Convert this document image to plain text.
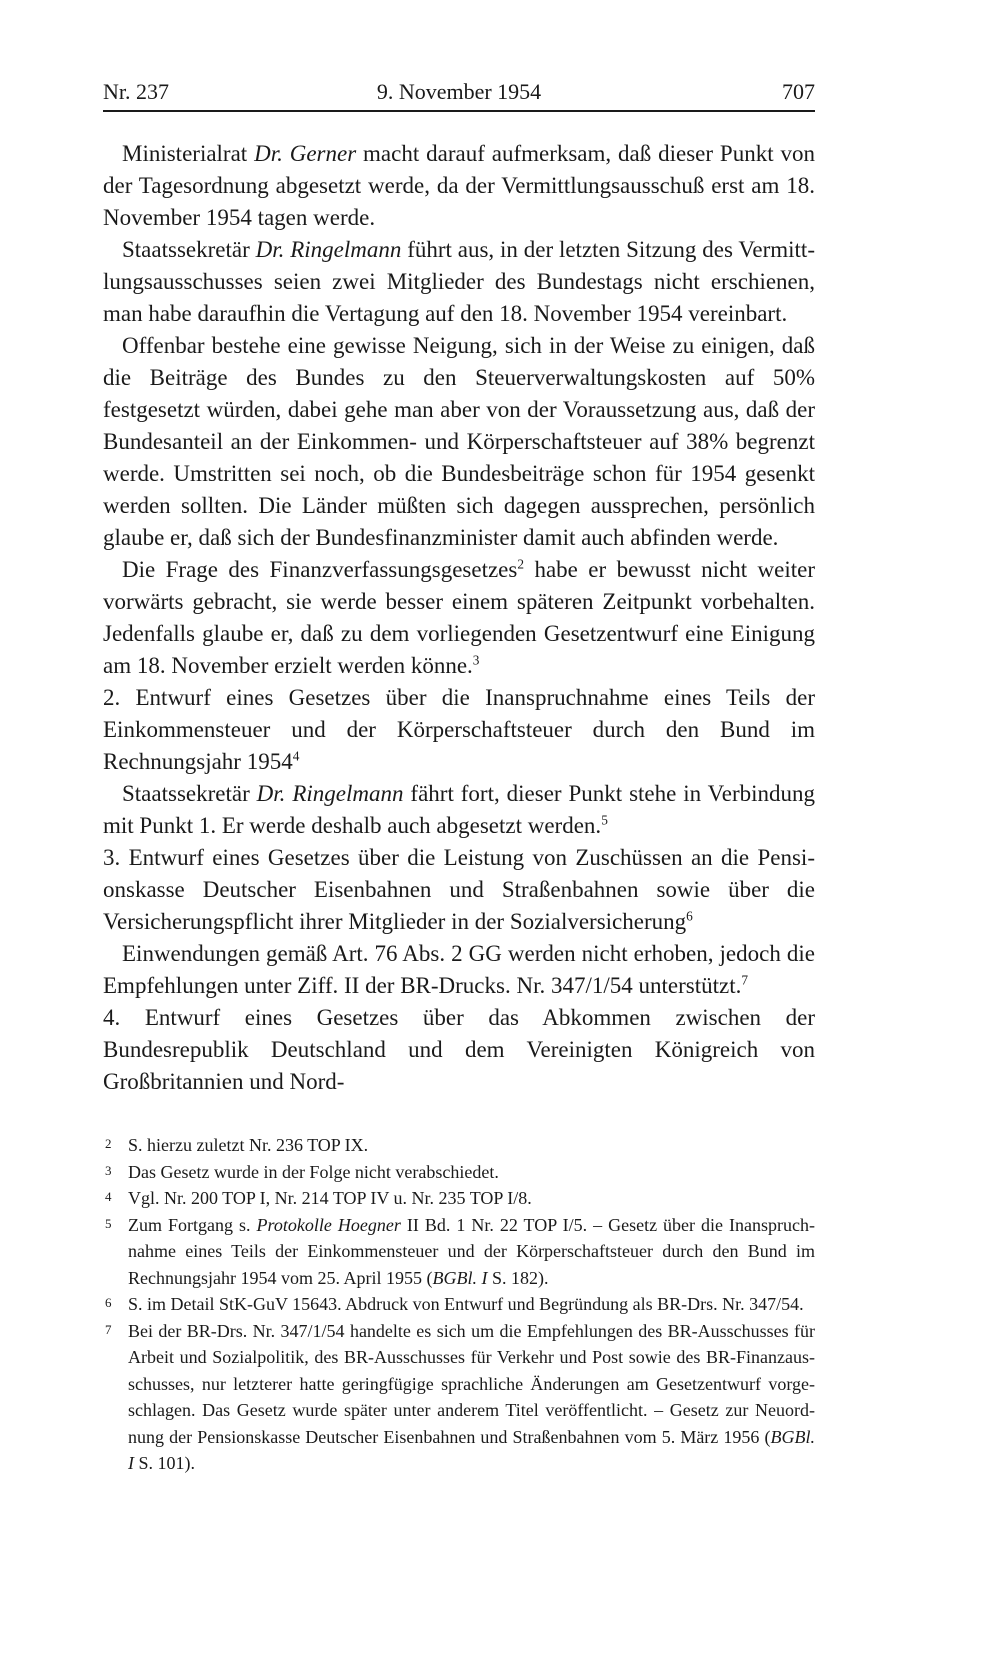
Nr. 237	9. November 1954	707

Ministerialrat Dr. Gerner macht darauf aufmerksam, daß dieser Punkt von der Tagesordnung abgesetzt werde, da der Vermittlungsausschuß erst am 18. November 1954 tagen werde.

Staatssekretär Dr. Ringelmann führt aus, in der letzten Sitzung des Vermittlungsausschusses seien zwei Mitglieder des Bundestags nicht erschienen, man habe daraufhin die Vertagung auf den 18. November 1954 vereinbart.

Offenbar bestehe eine gewisse Neigung, sich in der Weise zu einigen, daß die Beiträge des Bundes zu den Steuerverwaltungskosten auf 50% festgesetzt würden, dabei gehe man aber von der Voraussetzung aus, daß der Bundesanteil an der Einkommen- und Körperschaftsteuer auf 38% begrenzt werde. Umstritten sei noch, ob die Bundesbeiträge schon für 1954 gesenkt werden sollten. Die Länder müßten sich dagegen aussprechen, persönlich glaube er, daß sich der Bundesfinanzminister damit auch abfinden werde.

Die Frage des Finanzverfassungsgesetzes$^2$ habe er bewusst nicht weiter vorwärts gebracht, sie werde besser einem späteren Zeitpunkt vorbehalten. Jedenfalls glaube er, daß zu dem vorliegenden Gesetzentwurf eine Einigung am 18. November erzielt werden könne.$^3$

2. Entwurf eines Gesetzes über die Inanspruchnahme eines Teils der Einkommensteuer und der Körperschaftsteuer durch den Bund im Rechnungsjahr 1954$^4$

Staatssekretär Dr. Ringelmann fährt fort, dieser Punkt stehe in Verbindung mit Punkt 1. Er werde deshalb auch abgesetzt werden.$^5$

3. Entwurf eines Gesetzes über die Leistung von Zuschüssen an die Pensionskasse Deutscher Eisenbahnen und Straßenbahnen sowie über die Versicherungspflicht ihrer Mitglieder in der Sozialversicherung$^6$

Einwendungen gemäß Art. 76 Abs. 2 GG werden nicht erhoben, jedoch die Empfehlungen unter Ziff. II der BR-Drucks. Nr. 347/1/54 unterstützt.$^7$

4. Entwurf eines Gesetzes über das Abkommen zwischen der Bundesrepublik Deutschland und dem Vereinigten Königreich von Großbritannien und Nord-

2 S. hierzu zuletzt Nr. 236 TOP IX.
3 Das Gesetz wurde in der Folge nicht verabschiedet.
4 Vgl. Nr. 200 TOP I, Nr. 214 TOP IV u. Nr. 235 TOP I/8.
5 Zum Fortgang s. Protokolle Hoegner II Bd. 1 Nr. 22 TOP I/5. – Gesetz über die Inanspruchnahme eines Teils der Einkommensteuer und der Körperschaftsteuer durch den Bund im Rechnungsjahr 1954 vom 25. April 1955 (BGBl. I S. 182).
6 S. im Detail StK-GuV 15643. Abdruck von Entwurf und Begründung als BR-Drs. Nr. 347/54.
7 Bei der BR-Drs. Nr. 347/1/54 handelte es sich um die Empfehlungen des BR-Ausschusses für Arbeit und Sozialpolitik, des BR-Ausschusses für Verkehr und Post sowie des BR-Finanzausschusses, nur letzterer hatte geringfügige sprachliche Änderungen am Gesetzentwurf vorgeschlagen. Das Gesetz wurde später unter anderem Titel veröffentlicht. – Gesetz zur Neuordnung der Pensionskasse Deutscher Eisenbahnen und Straßenbahnen vom 5. März 1956 (BGBl. I S. 101).
